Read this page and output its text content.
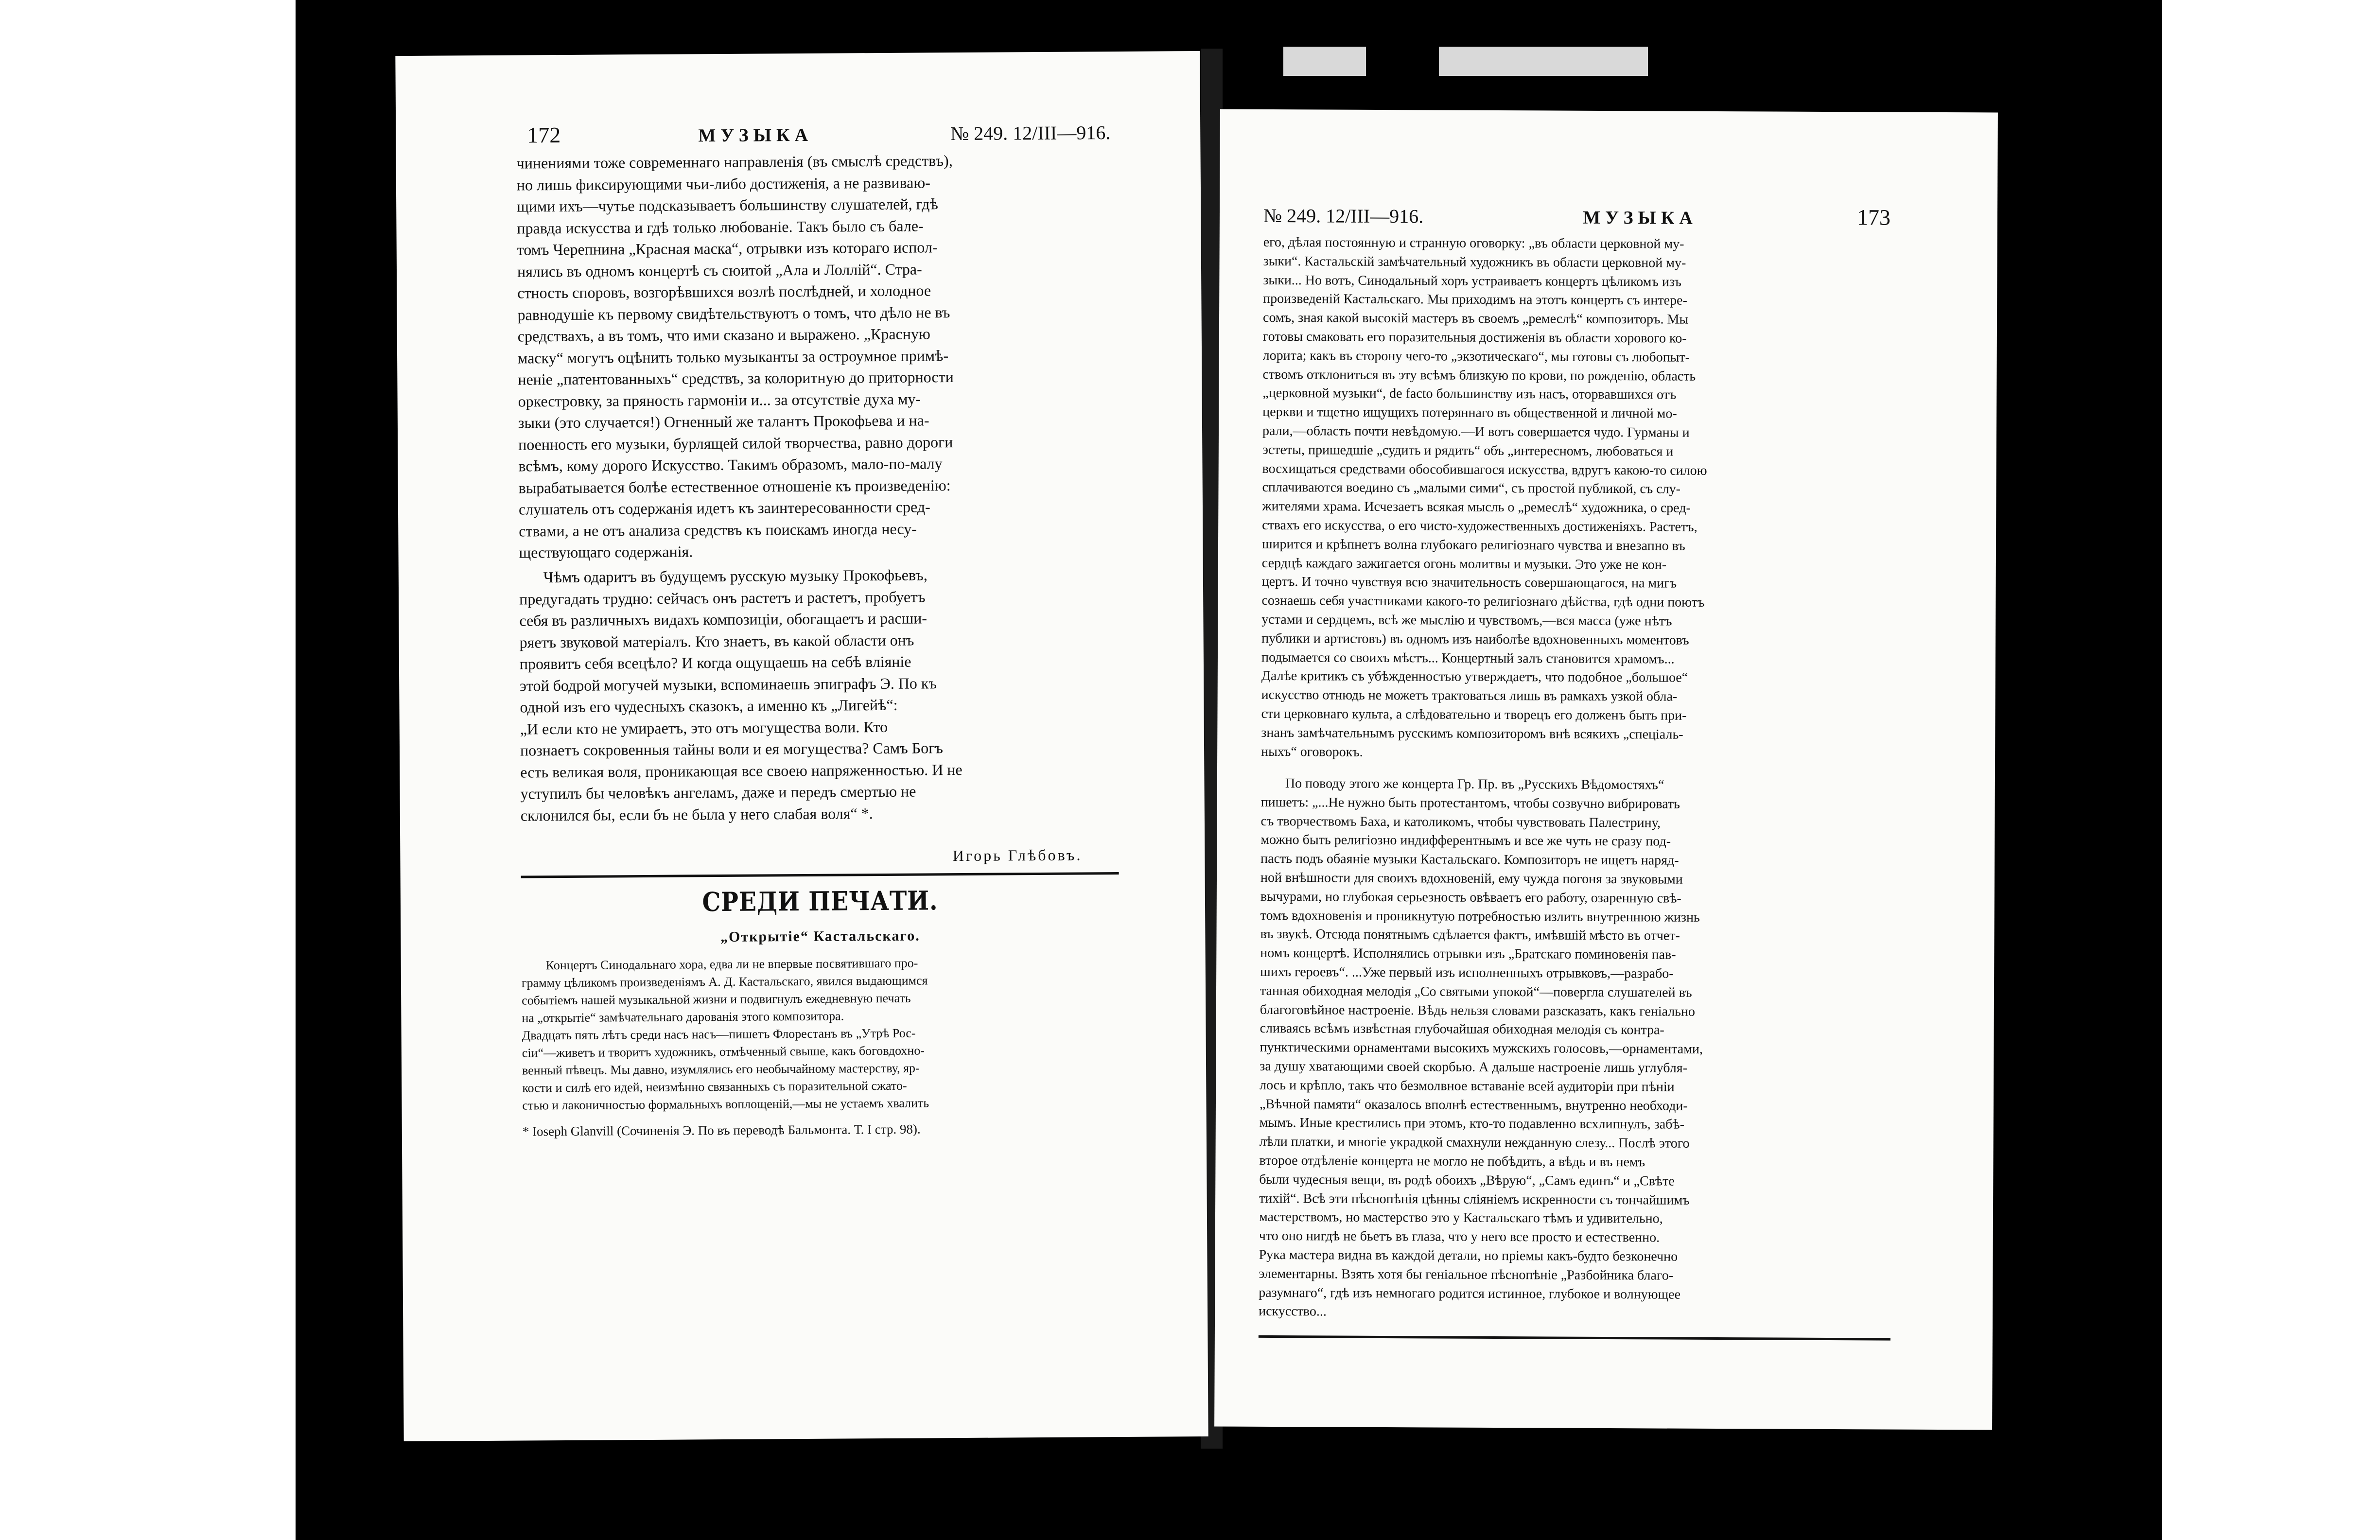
172	МУЗЫКА	№ 249. 12/III—916.

чинениями тоже современнаго направленія (въ смыслѣ средствъ),

но лишь фиксирующими чьи-либо достиженія, а не развиваю-

щими ихъ—чутье подсказываетъ большинству слушателей, гдѣ

правда искусства и гдѣ только любованіе. Такъ было съ бале-

томъ Черепнина „Красная маска“, отрывки изъ котораго испол-

нялись въ одномъ концертѣ съ сюитой „Ала и Лоллій“. Стра-

стность споровъ, возгорѣвшихся возлѣ послѣдней, и холодное

равнодушіе къ первому свидѣтельствуютъ о томъ, что дѣло не въ

средствахъ, а въ томъ, что ими сказано и выражено. „Красную

маску“ могутъ оцѣнить только музыканты за остроумное примѣ-

неніе „патентованныхъ“ средствъ, за колоритную до приторности

оркестровку, за пряность гармоніи и... за отсутствіе духа му-

зыки (это случается!) Огненный же талантъ Прокофьева и на-

поенность его музыки, бурлящей силой творчества, равно дороги

всѣмъ, кому дорого Искусство. Такимъ образомъ, мало-по-малу

вырабатывается болѣе естественное отношеніе къ произведенію:

слушатель отъ содержанія идетъ къ заинтересованности сред-

ствами, а не отъ анализа средствъ къ поискамъ иногда несу-

ществующаго содержанія.

Чѣмъ одаритъ въ будущемъ русскую музыку Прокофьевъ,

предугадать трудно: сейчасъ онъ растетъ и растетъ, пробуетъ

себя въ различныхъ видахъ композиціи, обогащаетъ и расши-

ряетъ звуковой матеріалъ. Кто знаетъ, въ какой области онъ

проявитъ себя всецѣло? И когда ощущаешь на себѣ вліяніе

этой бодрой могучей музыки, вспоминаешь эпиграфъ Э. По къ

одной изъ его чудесныхъ сказокъ, а именно къ „Лигейѣ“:

„И если кто не умираетъ, это отъ могущества воли. Кто

познаетъ сокровенныя тайны воли и ея могущества? Самъ Богъ

есть великая воля, проникающая все своею напряженностью. И не

уступилъ бы человѣкъ ангеламъ, даже и передъ смертью не

склонился бы, если бъ не была у него слабая воля“ *.

Игорь Глѣбовъ.

СРЕДИ ПЕЧАТИ.
„Открытіе“ Кастальскаго.

Концертъ Синодальнаго хора, едва ли не впервые посвятившаго про-

грамму цѣликомъ произведеніямъ А. Д. Кастальскаго, явился выдающимся

событіемъ нашей музыкальной жизни и подвигнулъ ежедневную печать

на „открытіе“ замѣчательнаго дарованія этого композитора.

Двадцать пять лѣтъ среди насъ насъ—пишетъ Флорестанъ въ „Утрѣ Рос-

сіи“—живетъ и творитъ художникъ, отмѣченный свыше, какъ боговдохно-

венный пѣвецъ. Мы давно, изумлялись его необычайному мастерству, яр-

кости и силѣ его идей, неизмѣнно связанныхъ съ поразительной сжато-

стью и лаконичностью формальныхъ воплощеній,—мы не устаемъ хвалить

* Ioseph Glanvill (Сочиненія Э. По въ переводѣ Бальмонта. Т. I стр. 98).
№ 249. 12/III—916.	МУЗЫКА	173

его, дѣлая постоянную и странную оговорку: „въ области церковной му-

зыки“. Кастальскій замѣчательный художникъ въ области церковной му-

зыки... Но вотъ, Синодальный хоръ устраиваетъ концертъ цѣликомъ изъ

произведеній Кастальскаго. Мы приходимъ на этотъ концертъ съ интере-

сомъ, зная какой высокій мастеръ въ своемъ „ремеслѣ“ композиторъ. Мы

готовы смаковать его поразительныя достиженія въ области хорового ко-

лорита; какъ въ сторону чего-то „экзотическаго“, мы готовы съ любопыт-

ствомъ отклониться въ эту всѣмъ близкую по крови, по рожденію, область

„церковной музыки“, de facto большинству изъ насъ, оторвавшихся отъ

церкви и тщетно ищущихъ потеряннаго въ общественной и личной мо-

рали,—область почти невѣдомую.—И вотъ совершается чудо. Гурманы и

эстеты, пришедшіе „судить и рядить“ объ „интересномъ, любоваться и

восхищаться средствами обособившагося искусства, вдругъ какою-то силою

сплачиваются воедино съ „малыми сими“, съ простой публикой, съ слу-

жителями храма. Исчезаетъ всякая мысль о „ремеслѣ“ художника, о сред-

ствахъ его искусства, о его чисто-художественныхъ достиженіяхъ. Растетъ,

ширится и крѣпнетъ волна глубокаго религіознаго чувства и внезапно въ

сердцѣ каждаго зажигается огонь молитвы и музыки. Это уже не кон-

цертъ. И точно чувствуя всю значительность совершающагося, на мигъ

сознаешь себя участниками какого-то религіознаго дѣйства, гдѣ одни поютъ

устами и сердцемъ, всѣ же мыслію и чувствомъ,—вся масса (уже нѣтъ

публики и артистовъ) въ одномъ изъ наиболѣе вдохновенныхъ моментовъ

подымается со своихъ мѣстъ... Концертный залъ становится храмомъ...

Далѣе критикъ съ убѣжденностью утверждаетъ, что подобное „большое“

искусство отнюдь не можетъ трактоваться лишь въ рамкахъ узкой обла-

сти церковнаго культа, а слѣдовательно и творецъ его долженъ быть при-

знанъ замѣчательнымъ русскимъ композиторомъ внѣ всякихъ „спеціаль-

ныхъ“ оговорокъ.

По поводу этого же концерта Гр. Пр. въ „Русскихъ Вѣдомостяхъ“

пишетъ: „...Не нужно быть протестантомъ, чтобы созвучно вибрировать

съ творчествомъ Баха, и католикомъ, чтобы чувствовать Палестрину,

можно быть религіозно индифферентнымъ и все же чуть не сразу под-

пасть подъ обаяніе музыки Кастальскаго. Композиторъ не ищетъ наряд-

ной внѣшности для своихъ вдохновеній, ему чужда погоня за звуковыми

вычурами, но глубокая серьезность овѣваетъ его работу, озаренную свѣ-

томъ вдохновенія и проникнутую потребностью излить внутреннюю жизнь

въ звукѣ. Отсюда понятнымъ сдѣлается фактъ, имѣвшій мѣсто въ отчет-

номъ концертѣ. Исполнялись отрывки изъ „Братскаго поминовенія пав-

шихъ героевъ“. ...Уже первый изъ исполненныхъ отрывковъ,—разрабо-

танная обиходная мелодія „Со святыми упокой“—повергла слушателей въ

благоговѣйное настроеніе. Вѣдь нельзя словами разсказать, какъ геніально

сливаясь всѣмъ извѣстная глубочайшая обиходная мелодія съ контра-

пунктическими орнаментами высокихъ мужскихъ голосовъ,—орнаментами,

за душу хватающими своей скорбью. А дальше настроеніе лишь углубля-

лось и крѣпло, такъ что безмолвное вставаніе всей аудиторіи при пѣніи

„Вѣчной памяти“ оказалось вполнѣ естественнымъ, внутренно необходи-

мымъ. Иные крестились при этомъ, кто-то подавленно всхлипнулъ, забѣ-

лѣли платки, и многіе украдкой смахнули нежданную слезу... Послѣ этого

второе отдѣленіе концерта не могло не побѣдить, а вѣдь и въ немъ

были чудесныя вещи, въ родѣ обоихъ „Вѣрую“, „Самъ единъ“ и „Свѣте

тихій“. Всѣ эти пѣснопѣнія цѣнны сліяніемъ искренности съ тончайшимъ

мастерствомъ, но мастерство это у Кастальскаго тѣмъ и удивительно,

что оно нигдѣ не бьетъ въ глаза, что у него все просто и естественно.

Рука мастера видна въ каждой детали, но пріемы какъ-будто безконечно

элементарны. Взять хотя бы геніальное пѣснопѣніе „Разбойника благо-

разумнаго“, гдѣ изъ немногаго родится истинное, глубокое и волнующее

искусство...
